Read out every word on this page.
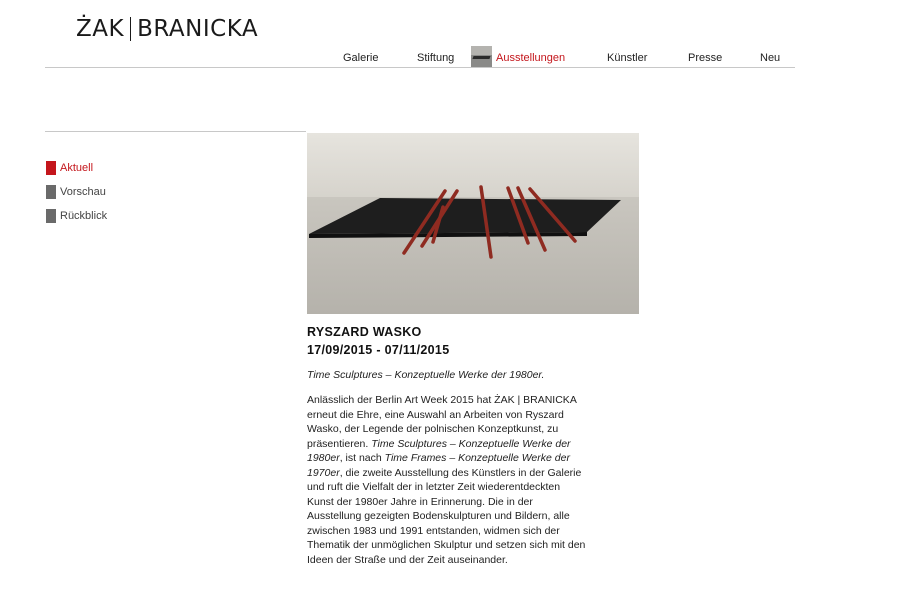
ŻAK BRANICKA
Galerie	Stiftung	Ausstellungen	Künstler	Presse	Neu
Aktuell
Vorschau
Rückblick
RYSZARD WASKO
17/09/2015 - 07/11/2015
Time Sculptures – Konzeptuelle Werke der 1980er.
Anlässlich der Berlin Art Week 2015 hat ŻAK | BRANICKA
erneut die Ehre, eine Auswahl an Arbeiten von Ryszard
Wasko, der Legende der polnischen Konzeptkunst, zu
präsentieren. Time Sculptures – Konzeptuelle Werke der
1980er, ist nach Time Frames – Konzeptuelle Werke der
1970er, die zweite Ausstellung des Künstlers in der Galerie
und ruft die Vielfalt der in letzter Zeit wiederentdeckten
Kunst der 1980er Jahre in Erinnerung. Die in der
Ausstellung gezeigten Bodenskulpturen und Bildern, alle
zwischen 1983 und 1991 entstanden, widmen sich der
Thematik der unmöglichen Skulptur und setzen sich mit den
Ideen der Straße und der Zeit auseinander.
